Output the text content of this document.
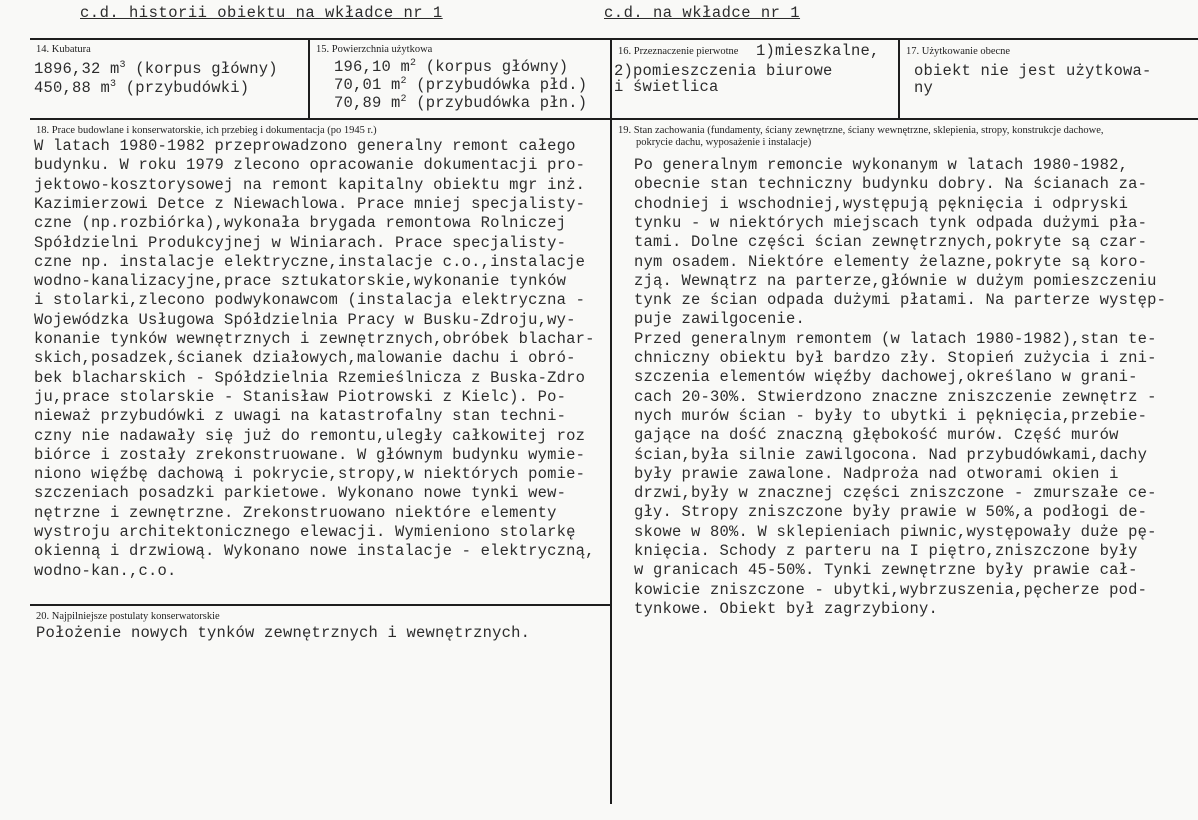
c.d. historii obiektu na wkładce nr 1	c.d. na wkładce nr 1
14. Kubatura
1896,32 $m^3$ (korpus główny)
450,88 $m^3$ (przybudówki)
15. Powierzchnia użytkowa
196,10 $m^2$ (korpus główny)
70,01 $m^2$ (przybudówka płd.)
70,89 $m^2$ (przybudówka płn.)
16. Przeznaczenie pierwotne 1)mieszkalne,
2)pomieszczenia biurowe
i świetlica
17. Użytkowanie obecne
obiekt nie jest użytkowa-
ny
18. Prace budowlane i konserwatorskie, ich przebieg i dokumentacja (po 1945 r.)
W latach 1980-1982 przeprowadzono generalny remont całego
budynku. W roku 1979 zlecono opracowanie dokumentacji pro-
jektowo-kosztorysowej na remont kapitalny obiektu mgr inż.
Kazimierzowi Detce z Niewachlowa. Prace mniej specjalisty-
czne (np.rozbiórka),wykonała brygada remontowa Rolniczej
Spółdzielni Produkcyjnej w Winiarach. Prace specjalisty-
czne np. instalacje elektryczne,instalacje c.o.,instalacje
wodno-kanalizacyjne,prace sztukatorskie,wykonanie tynków
i stolarki,zlecono podwykonawcom (instalacja elektryczna -
Wojewódzka Usługowa Spółdzielnia Pracy w Busku-Zdroju,wy-
konanie tynków wewnętrznych i zewnętrznych,obróbek blachar-
skich,posadzek,ścianek działowych,malowanie dachu i obró-
bek blacharskich - Spółdzielnia Rzemieślnicza z Buska-Zdro
ju,prace stolarskie - Stanisław Piotrowski z Kielc). Po-
nieważ przybudówki z uwagi na katastrofalny stan techni-
czny nie nadawały się już do remontu,uległy całkowitej roz
biórce i zostały zrekonstruowane. W głównym budynku wymie-
niono więźbę dachową i pokrycie,stropy,w niektórych pomie-
szczeniach posadzki parkietowe. Wykonano nowe tynki wew-
nętrzne i zewnętrzne. Zrekonstruowano niektóre elementy
wystroju architektonicznego elewacji. Wymieniono stolarkę
okienną i drzwiową. Wykonano nowe instalacje - elektryczną,
wodno-kan.,c.o.
19. Stan zachowania (fundamenty, ściany zewnętrzne, ściany wewnętrzne, sklepienia, stropy, konstrukcje dachowe,
pokrycie dachu, wyposażenie i instalacje)
Po generalnym remoncie wykonanym w latach 1980-1982,
obecnie stan techniczny budynku dobry. Na ścianach za-
chodniej i wschodniej,występują pęknięcia i odpryski
tynku - w niektórych miejscach tynk odpada dużymi pła-
tami. Dolne części ścian zewnętrznych,pokryte są czar-
nym osadem. Niektóre elementy żelazne,pokryte są koro-
zją. Wewnątrz na parterze,głównie w dużym pomieszczeniu
tynk ze ścian odpada dużymi płatami. Na parterze występ-
puje zawilgocenie.
Przed generalnym remontem (w latach 1980-1982),stan te-
chniczny obiektu był bardzo zły. Stopień zużycia i zni-
szczenia elementów więźby dachowej,określano w grani-
cach 20-30%. Stwierdzono znaczne zniszczenie zewnętrz -
nych murów ścian - były to ubytki i pęknięcia,przebie-
gające na dość znaczną głębokość murów. Część murów
ścian,była silnie zawilgocona. Nad przybudówkami,dachy
były prawie zawalone. Nadproża nad otworami okien i
drzwi,były w znacznej części zniszczone - zmurszałe ce-
gły. Stropy zniszczone były prawie w 50%,a podłogi de-
skowe w 80%. W sklepieniach piwnic,występowały duże pę-
knięcia. Schody z parteru na I piętro,zniszczone były
w granicach 45-50%. Tynki zewnętrzne były prawie cał-
kowicie zniszczone - ubytki,wybrzuszenia,pęcherze pod-
tynkowe. Obiekt był zagrzybiony.
20. Najpilniejsze postulaty konserwatorskie
Położenie nowych tynków zewnętrznych i wewnętrznych.
